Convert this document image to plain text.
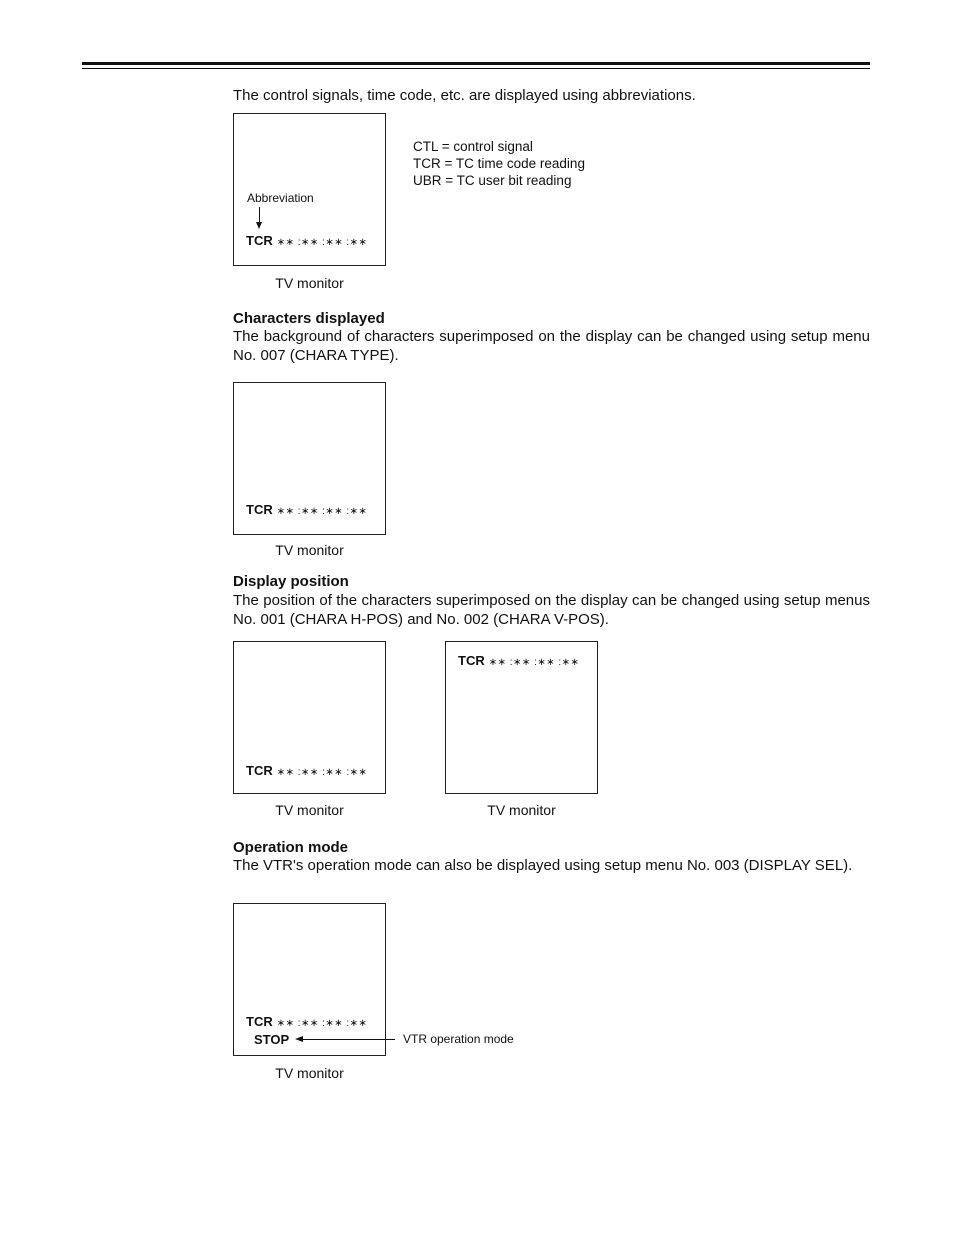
The control signals, time code, etc. are displayed using abbreviations.
Abbreviation
TCR ∗∗ :∗∗ :∗∗ :∗∗
TV monitor
CTL = control signal
TCR = TC time code reading
UBR = TC user bit reading
Characters displayed
The background of characters superimposed on the display can be changed using setup menu No. 007 (CHARA TYPE).
TCR ∗∗ :∗∗ :∗∗ :∗∗
TV monitor
Display position
The position of the characters superimposed on the display can be changed using setup menus No. 001 (CHARA H-POS) and No. 002 (CHARA V-POS).
TCR ∗∗ :∗∗ :∗∗ :∗∗
TV monitor
TCR ∗∗ :∗∗ :∗∗ :∗∗
TV monitor
Operation mode
The VTR's operation mode can also be displayed using setup menu No. 003 (DISPLAY SEL).
TCR ∗∗ :∗∗ :∗∗ :∗∗
STOP	VTR operation mode
TV monitor
